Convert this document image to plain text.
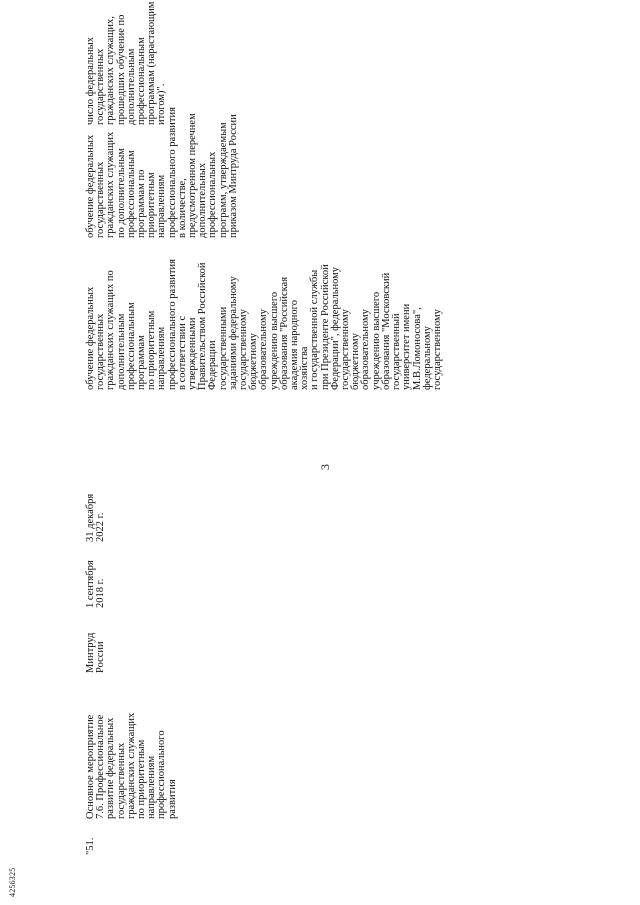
3
4256325
"51.
Основное мероприятие 7.6. Профессиональное развитие федеральных государственных гражданских служащих по приоритетным направлениям профессионального развития
Минтруд России
1 сентября 2018 г.
31 декабря 2022 г.
обучение федеральных государственных гражданских служащих по дополнительным профессиональным программам по приоритетным направлениям профессионального развития в соответствии с утвержденными Правительством Российской Федерации государственными заданиями федеральному государственному бюджетному образовательному учреждению высшего образования "Российская академия народного хозяйства и государственной службы при Президенте Российской Федерации", федеральному государственному бюджетному образовательному учреждению высшего образования "Московский государственный университет имени М.В.Ломоносова", федеральному государственному
обучение федеральных государственных гражданских служащих по дополнительным профессиональным программам по приоритетным направлениям профессионального развития в количестве, предусмотренном перечнем дополнительных профессиональных программ, утверждаемым приказом Минтруда России
число федеральных государственных гражданских служащих, прошедших обучение по дополнительным профессиональным программам (нарастающим итогом)".
